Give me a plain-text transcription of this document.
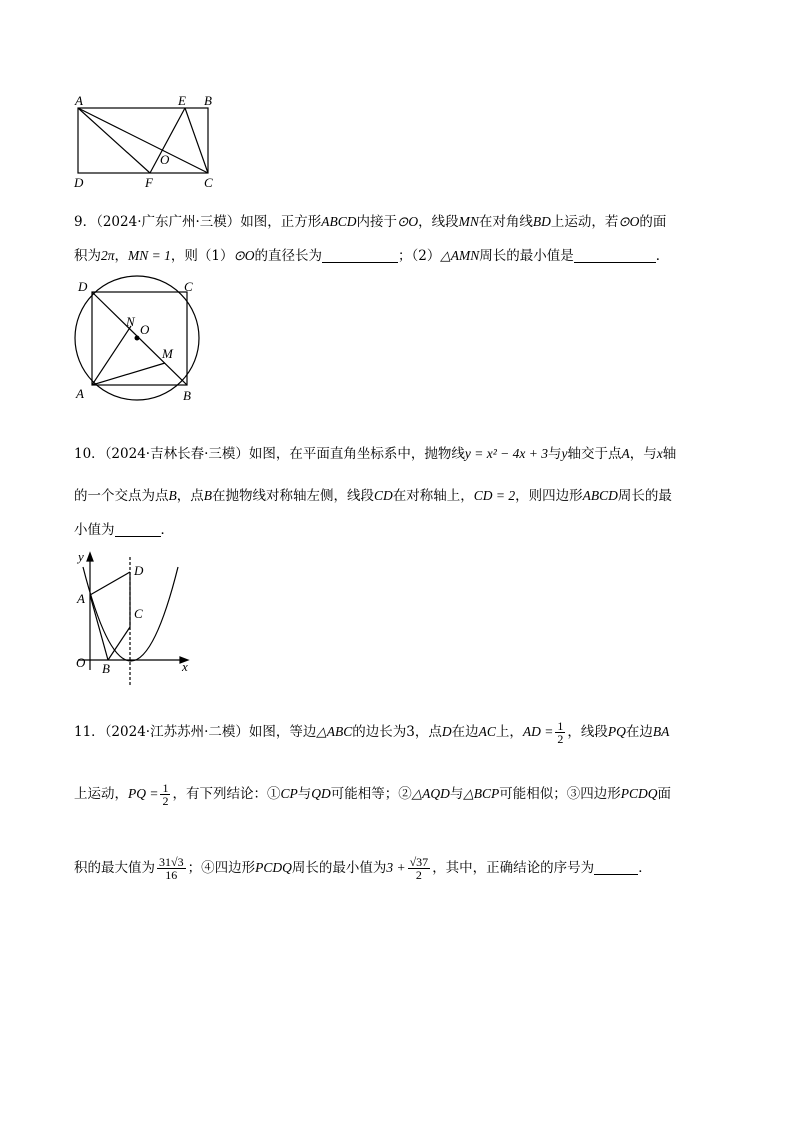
A	E B
D	F
O
C
9．（2024·广东广州·三模）如图，正方形ABCD内接于⊙O，线段MN在对角线BD上运动，若⊙O的面
积为2π，MN = 1，则（1）⊙O的直径长为	；（2）△AMN周长的最小值是	．
D	C
N
O
M
A	B
10．（2024·吉林长春·三模）如图，在平面直角坐标系中，抛物线y = x² − 4x + 3与y轴交于点A，与x轴
的一个交点为点B，点B在抛物线对称轴左侧，线段CD在对称轴上，CD = 2，则四边形ABCD周长的最
小值为	．
y
D
A
C
O B	x
11．（2024·江苏苏州·二模）如图，等边△ABC的边长为3，点D在边AC上，AD = $\frac{1}{2}$ ，线段PQ在边BA
上运动，PQ = $\frac{1}{2}$ ，有下列结论：①CP与QD可能相等；②△AQD与△BCP可能相似；③四边形PCDQ面
积的最大值为 $\frac{31√3}{16}$ ；④四边形PCDQ周长的最小值为$3 + \frac{√37}{2}$ ，其中，正确结论的序号为	．
